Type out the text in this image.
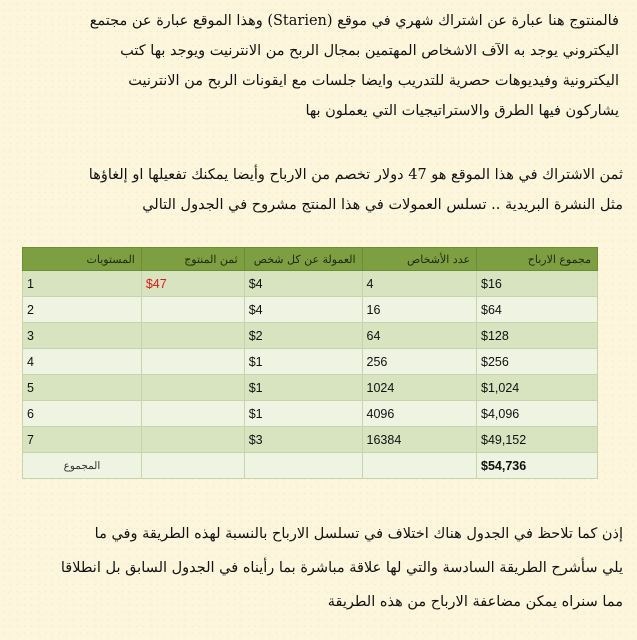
فالمنتوج هنا عبارة عن اشتراك شهري في موقع (Starien) وهذا الموقع عبارة عن مجتمع
اليكتروني يوجد به الآف الاشخاص المهتمين بمجال الربح من الانترنيت ويوجد بها كتب
اليكترونية وفيديوهات حصرية للتدريب وايضا جلسات مع ايقونات الربح من الانترنيت
يشاركون فيها الطرق والاستراتيجيات التي يعملون بها
ثمن الاشتراك في هذا الموقع هو 47 دولار تخصم من الارباح وأيضا يمكنك تفعيلها او إلغاؤها
مثل النشرة البريدية .. تسلس العمولات في هذا المنتج مشروح في الجدول التالي
المستويات	ثمن المنتوج	العمولة عن كل شخص	عدد الأشخاص	مجموع الارباح
1	$47	$4	4	$16
2		$4	16	$64
3		$2	64	$128
4		$1	256	$256
5		$1	1024	$1,024
6		$1	4096	$4,096
7		$3	16384	$49,152
المجموع				$54,736
إذن كما تلاحظ في الجدول هناك اختلاف في تسلسل الارباح بالنسبة لهذه الطريقة وفي ما
يلي سأشرح الطريقة السادسة والتي لها علاقة مباشرة بما رأيناه في الجدول السابق بل انطلاقا
مما سنراه يمكن مضاعفة الارباح من هذه الطريقة
